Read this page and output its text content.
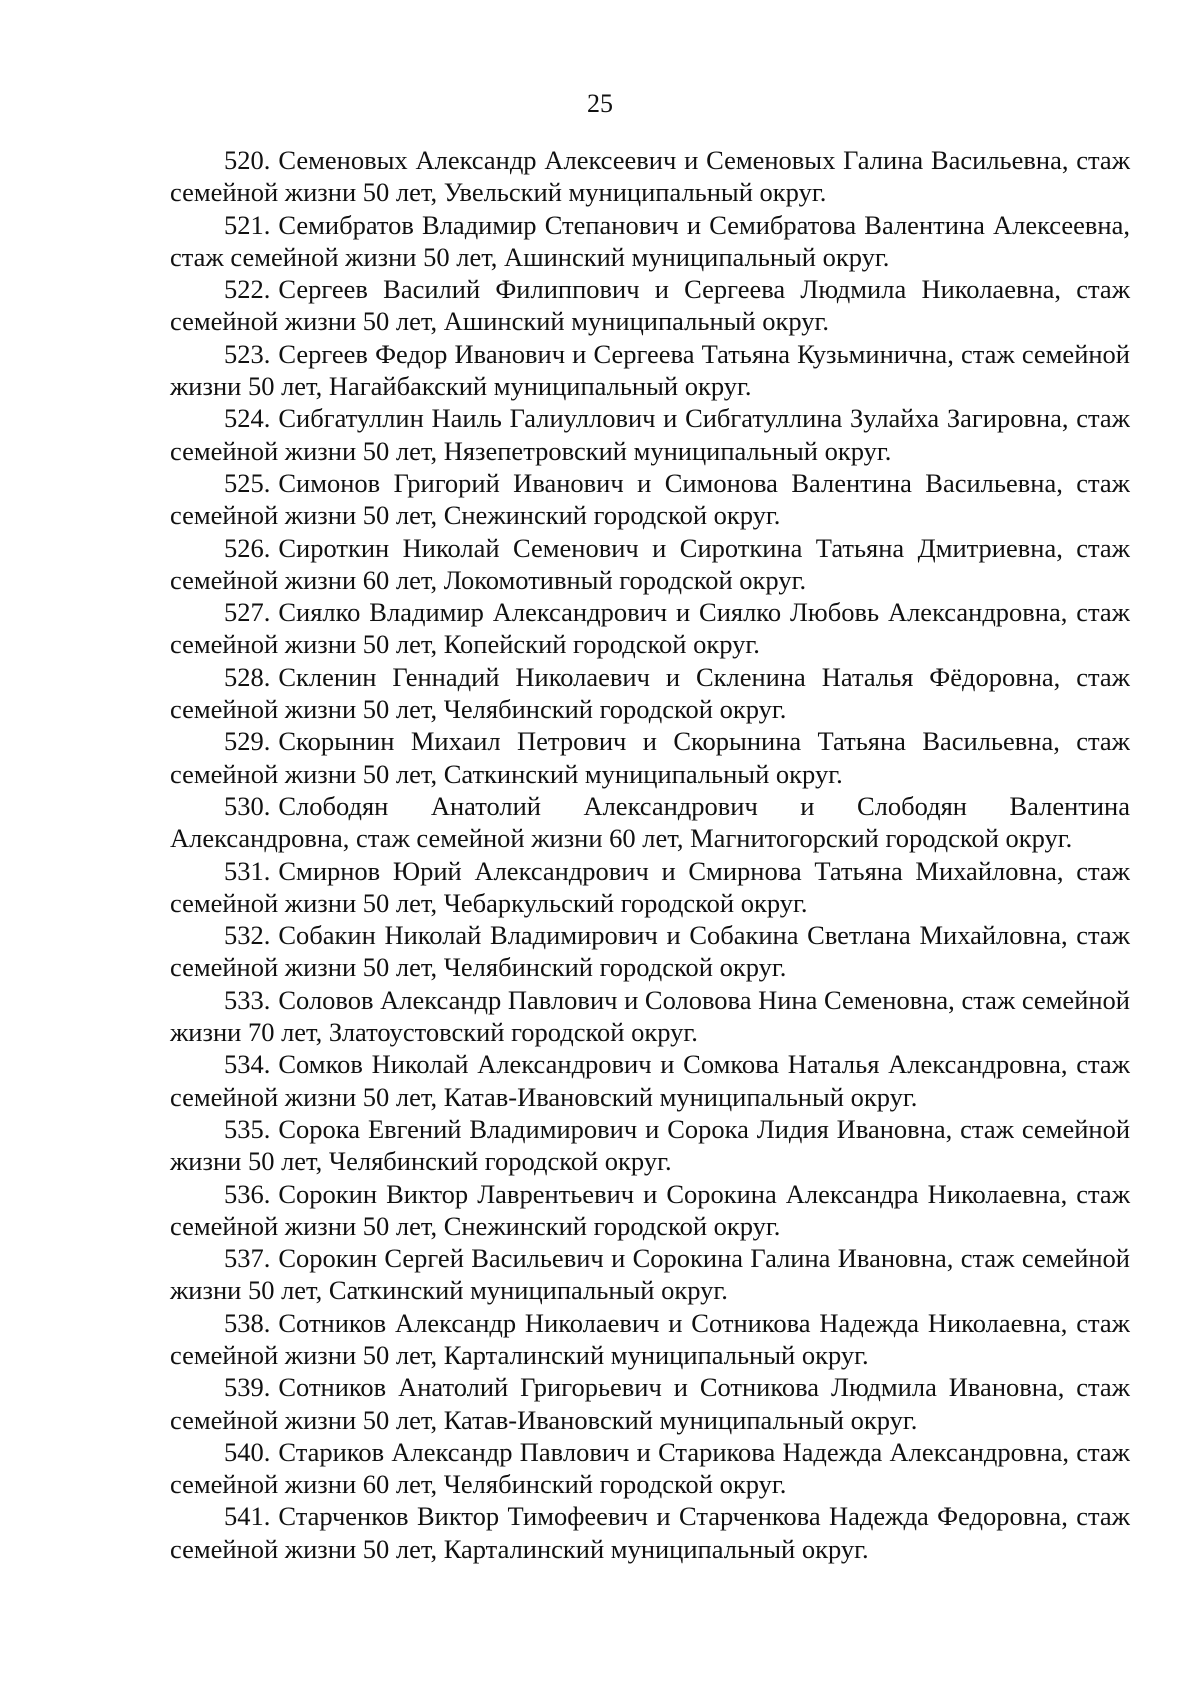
25

520. Семеновых Александр Алексеевич и Семеновых Галина Васильевна, стаж семейной жизни 50 лет, Увельский муниципальный округ.

521. Семибратов Владимир Степанович и Семибратова Валентина Алексеевна, стаж семейной жизни 50 лет, Ашинский муниципальный округ.

522. Сергеев Василий Филиппович и Сергеева Людмила Николаевна, стаж семейной жизни 50 лет, Ашинский муниципальный округ.

523. Сергеев Федор Иванович и Сергеева Татьяна Кузьминична, стаж семейной жизни 50 лет, Нагайбакский муниципальный округ.

524. Сибгатуллин Наиль Галиуллович и Сибгатуллина Зулайха Загировна, стаж семейной жизни 50 лет, Нязепетровский муниципальный округ.

525. Симонов Григорий Иванович и Симонова Валентина Васильевна, стаж семейной жизни 50 лет, Снежинский городской округ.

526. Сироткин Николай Семенович и Сироткина Татьяна Дмитриевна, стаж семейной жизни 60 лет, Локомотивный городской округ.

527. Сиялко Владимир Александрович и Сиялко Любовь Александровна, стаж семейной жизни 50 лет, Копейский городской округ.

528. Скленин Геннадий Николаевич и Скленина Наталья Фёдоровна, стаж семейной жизни 50 лет, Челябинский городской округ.

529. Скорынин Михаил Петрович и Скорынина Татьяна Васильевна, стаж семейной жизни 50 лет, Саткинский муниципальный округ.

530. Слободян Анатолий Александрович и Слободян Валентина Александровна, стаж семейной жизни 60 лет, Магнитогорский городской округ.

531. Смирнов Юрий Александрович и Смирнова Татьяна Михайловна, стаж семейной жизни 50 лет, Чебаркульский городской округ.

532. Собакин Николай Владимирович и Собакина Светлана Михайловна, стаж семейной жизни 50 лет, Челябинский городской округ.

533. Соловов Александр Павлович и Соловова Нина Семеновна, стаж семейной жизни 70 лет, Златоустовский городской округ.

534. Сомков Николай Александрович и Сомкова Наталья Александровна, стаж семейной жизни 50 лет, Катав-Ивановский муниципальный округ.

535. Сорока Евгений Владимирович и Сорока Лидия Ивановна, стаж семейной жизни 50 лет, Челябинский городской округ.

536. Сорокин Виктор Лаврентьевич и Сорокина Александра Николаевна, стаж семейной жизни 50 лет, Снежинский городской округ.

537. Сорокин Сергей Васильевич и Сорокина Галина Ивановна, стаж семейной жизни 50 лет, Саткинский муниципальный округ.

538. Сотников Александр Николаевич и Сотникова Надежда Николаевна, стаж семейной жизни 50 лет, Карталинский муниципальный округ.

539. Сотников Анатолий Григорьевич и Сотникова Людмила Ивановна, стаж семейной жизни 50 лет, Катав-Ивановский муниципальный округ.

540. Стариков Александр Павлович и Старикова Надежда Александровна, стаж семейной жизни 60 лет, Челябинский городской округ.

541. Старченков Виктор Тимофеевич и Старченкова Надежда Федоровна, стаж семейной жизни 50 лет, Карталинский муниципальный округ.
